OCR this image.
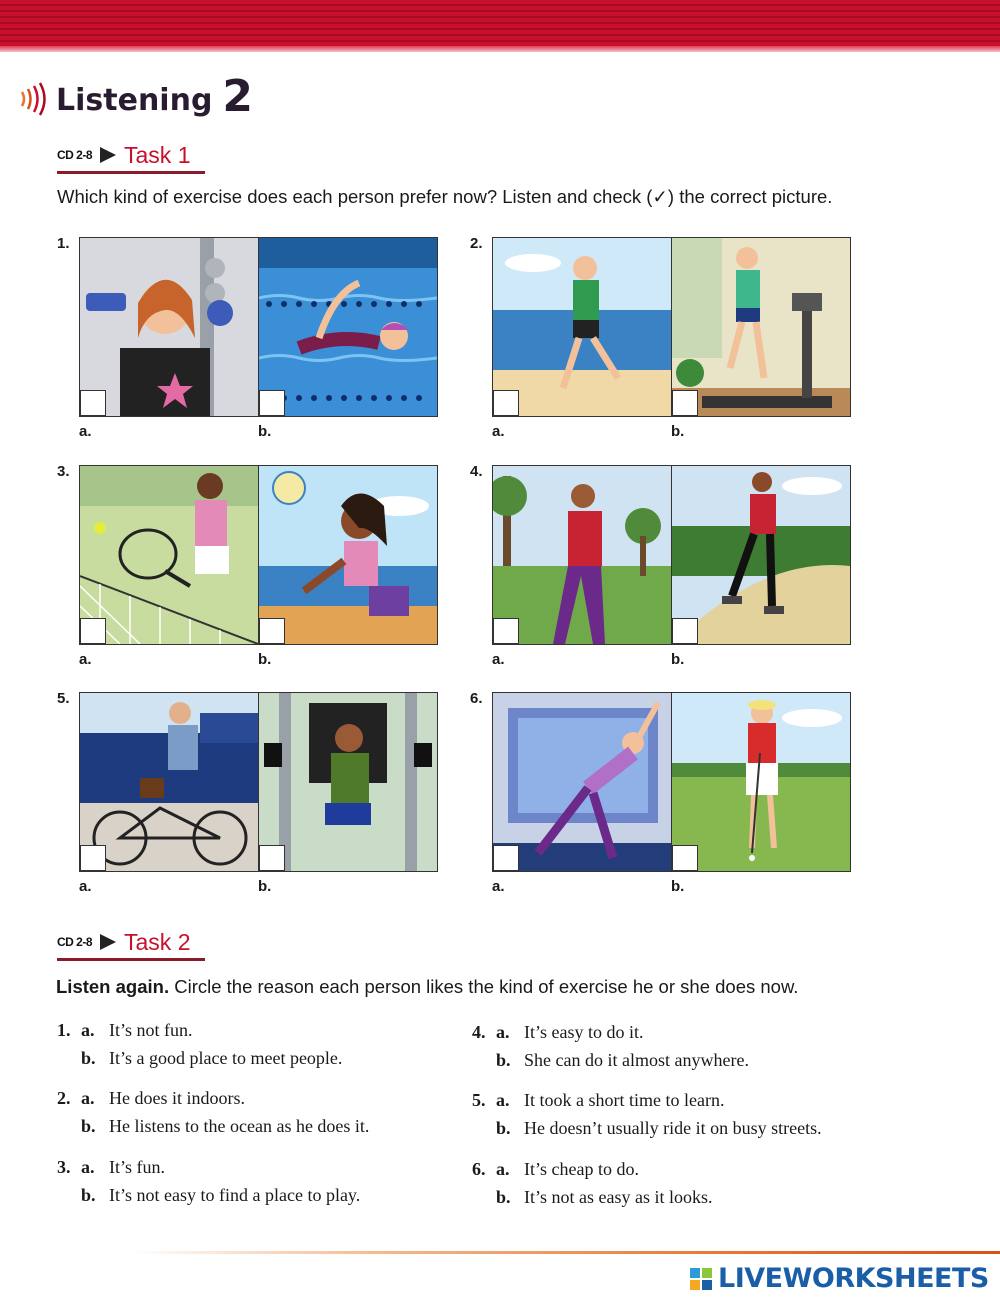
Listening 2
CD 2-8 Task 1
Which kind of exercise does each person prefer now? Listen and check (✓) the correct picture.
1.
a.	b.
2.
a.	b.
3.
a.	b.
4.
a.	b.
5.
a.	b.
6.
a.	b.
CD 2-8 Task 2
Listen again. Circle the reason each person likes the kind of exercise he or she does now.
1. a. It’s not fun.
b. It’s a good place to meet people.
2. a. He does it indoors.
b. He listens to the ocean as he does it.
3. a. It’s fun.
b. It’s not easy to find a place to play.
4. a. It’s easy to do it.
b. She can do it almost anywhere.
5. a. It took a short time to learn.
b. He doesn’t usually ride it on busy streets.
6. a. It’s cheap to do.
b. It’s not as easy as it looks.
LIVEWORKSHEETS
